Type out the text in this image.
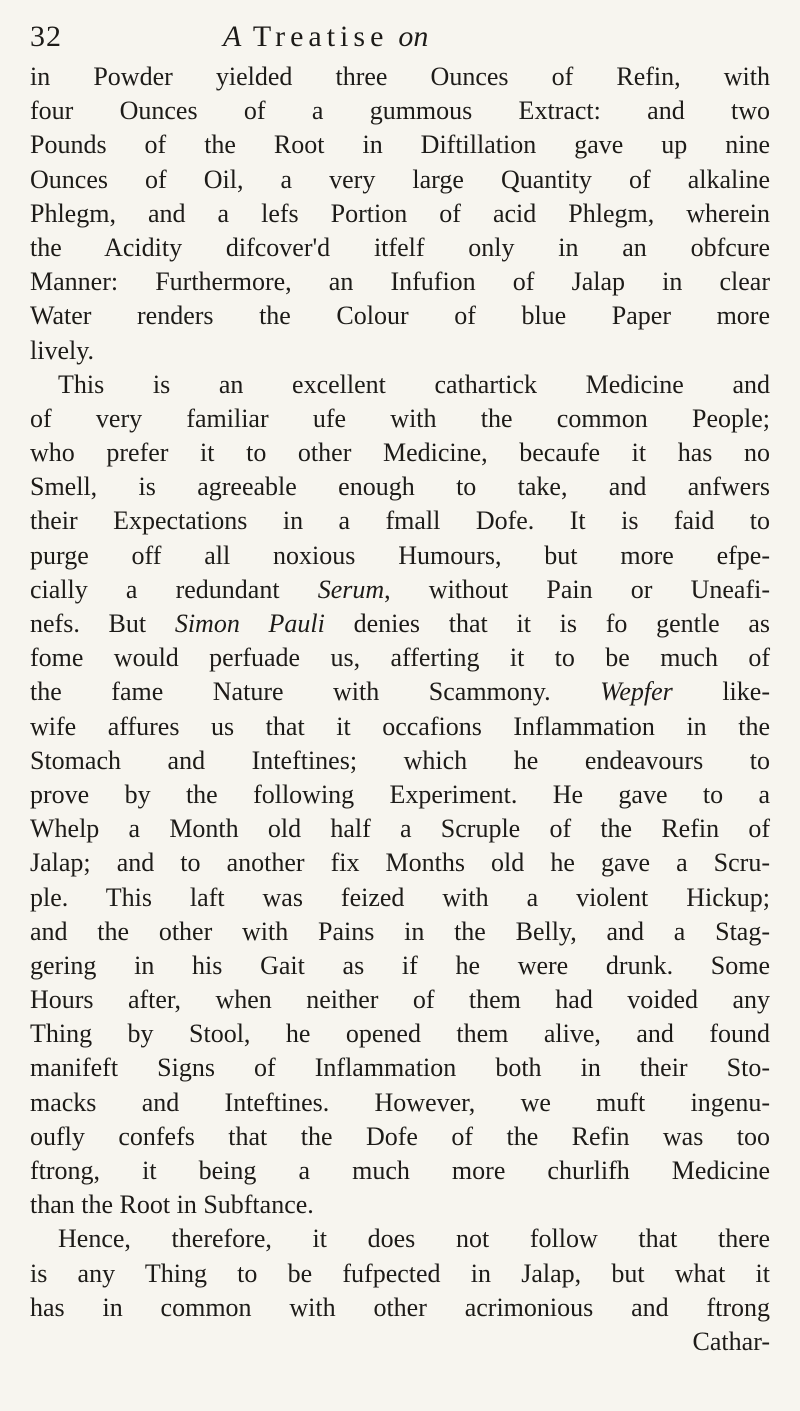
32	A Treatise on
in Powder yielded three Ounces of Refin, with
four Ounces of a gummous Extract: and two
Pounds of the Root in Diftillation gave up nine
Ounces of Oil, a very large Quantity of alkaline
Phlegm, and a lefs Portion of acid Phlegm, wherein
the Acidity difcover'd itfelf only in an obfcure
Manner: Furthermore, an Infufion of Jalap in clear
Water renders the Colour of blue Paper more
lively.
This is an excellent cathartick Medicine and
of very familiar ufe with the common People;
who prefer it to other Medicine, becaufe it has no
Smell, is agreeable enough to take, and anfwers
their Expectations in a fmall Dofe. It is faid to
purge off all noxious Humours, but more efpe-
cially a redundant Serum, without Pain or Uneafi-
nefs. But Simon Pauli denies that it is fo gentle as
fome would perfuade us, afferting it to be much of
the fame Nature with Scammony. Wepfer like-
wife affures us that it occafions Inflammation in the
Stomach and Inteftines; which he endeavours to
prove by the following Experiment. He gave to a
Whelp a Month old half a Scruple of the Refin of
Jalap; and to another fix Months old he gave a Scru-
ple. This laft was feized with a violent Hickup;
and the other with Pains in the Belly, and a Stag-
gering in his Gait as if he were drunk. Some
Hours after, when neither of them had voided any
Thing by Stool, he opened them alive, and found
manifeft Signs of Inflammation both in their Sto-
macks and Inteftines. However, we muft ingenu-
oufly confefs that the Dofe of the Refin was too
ftrong, it being a much more churlifh Medicine
than the Root in Subftance.
Hence, therefore, it does not follow that there
is any Thing to be fufpected in Jalap, but what it
has in common with other acrimonious and ftrong
Cathar-
